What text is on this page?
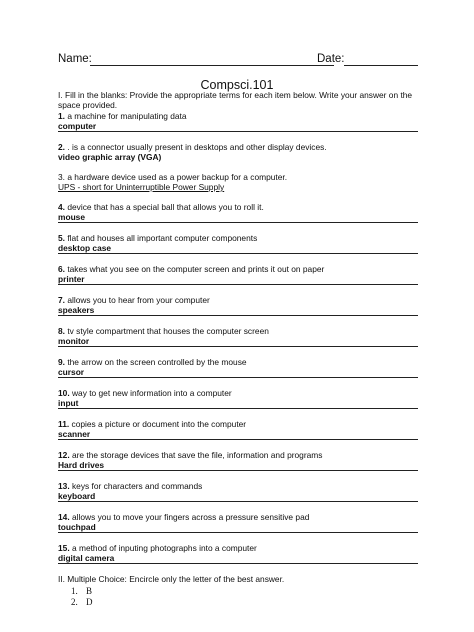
Name:	Date:
Compsci.101
I. Fill in the blanks: Provide the appropriate terms for each item below. Write your answer on the space provided.
1. a machine for manipulating data
computer
2. . is a connector usually present in desktops and other display devices.
video graphic array (VGA)
3. a hardware device used as a power backup for a computer.
UPS - short for Uninterruptible Power Supply
4. device that has a special ball that allows you to roll it.
mouse
5. flat and houses all important computer components
desktop case
6. takes what you see on the computer screen and prints it out on paper
printer
7. allows you to hear from your computer
speakers
8. tv style compartment that houses the computer screen
monitor
9. the arrow on the screen controlled by the mouse
cursor
10. way to get new information into a computer
input
11. copies a picture or document into the computer
scanner
12. are the storage devices that save the file, information and programs
Hard drives
13. keys for characters and commands
keyboard
14. allows you to move your fingers across a pressure sensitive pad
touchpad
15. a method of inputing photographs into a computer
digital camera
II. Multiple Choice: Encircle only the letter of the best answer.
1. B
2. D
